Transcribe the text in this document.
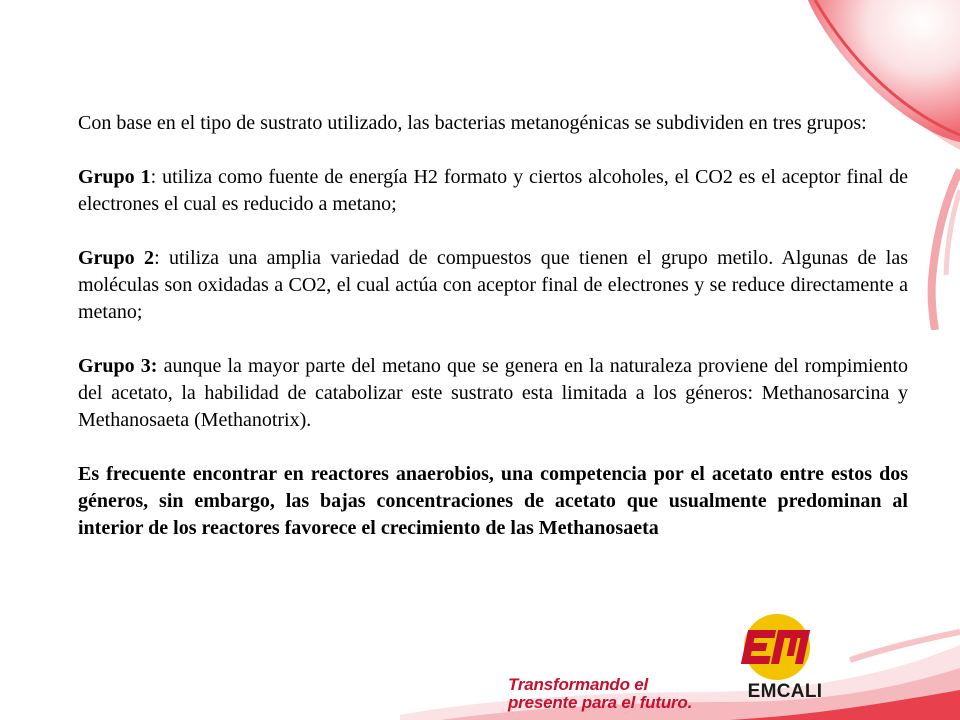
Con base en el tipo de sustrato utilizado, las bacterias metanogénicas se subdividen en tres grupos:

Grupo 1: utiliza como fuente de energía H2 formato y ciertos alcoholes, el CO2 es el aceptor final de electrones el cual es reducido a metano;

Grupo 2: utiliza una amplia variedad de compuestos que tienen el grupo metilo. Algunas de las moléculas son oxidadas a CO2, el cual actúa con aceptor final de electrones y se reduce directamente a metano;

Grupo 3: aunque la mayor parte del metano que se genera en la naturaleza proviene del rompimiento del acetato, la habilidad de catabolizar este sustrato esta limitada a los géneros: Methanosarcina y Methanosaeta (Methanotrix).

Es frecuente encontrar en reactores anaerobios, una competencia por el acetato entre estos dos géneros, sin embargo, las bajas concentraciones de acetato que usualmente predominan al interior de los reactores favorece el crecimiento de las Methanosaeta

Transformando el
presente para el futuro.
EMCALI
